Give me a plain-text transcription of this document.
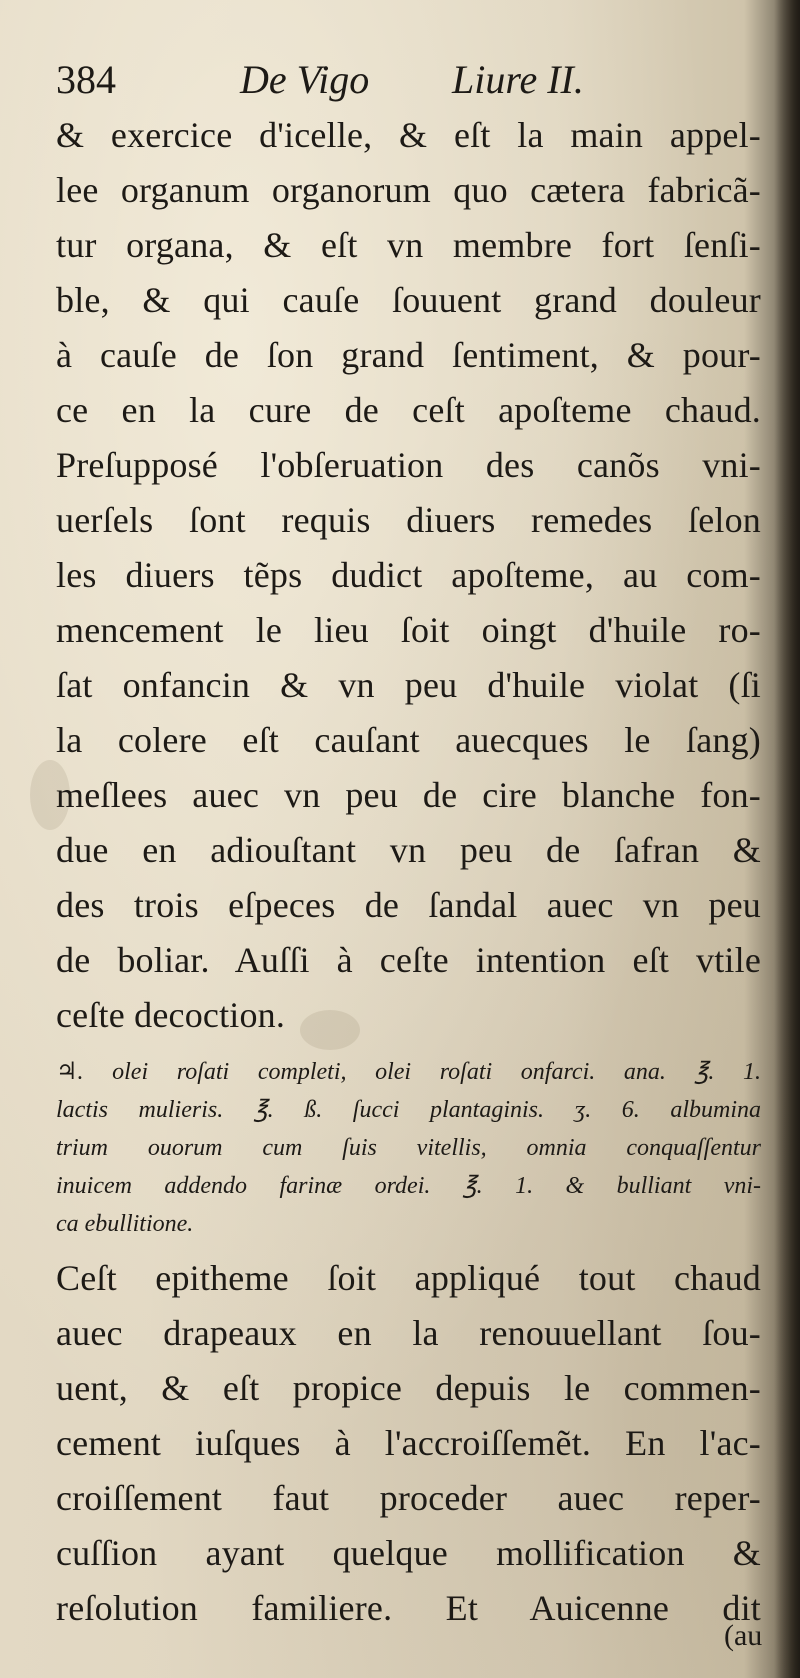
384	De Vigo Liure II.
& exercice d'icelle, & eſt la main appel-
lee organum organorum quo cætera fabricã-
tur organa, & eſt vn membre fort ſenſi-
ble, & qui cauſe ſouuent grand douleur
à cauſe de ſon grand ſentiment, & pour-
ce en la cure de ceſt apoſteme chaud.
Preſupposé l'obſeruation des canõs vni-
uerſels ſont requis diuers remedes ſelon
les diuers tẽps dudict apoſteme, au com-
mencement le lieu ſoit oingt d'huile ro-
ſat onfancin & vn peu d'huile violat (ſi
la colere eſt cauſant auecques le ſang)
meſlees auec vn peu de cire blanche fon-
due en adiouſtant vn peu de ſafran &
des trois eſpeces de ſandal auec vn peu
de boliar. Auſſi à ceſte intention eſt vtile
ceſte decoction.
♃. olei roſati completi, olei roſati onfarci. ana. ℥. 1.
lactis mulieris. ℥. ß. ſucci plantaginis. ʒ. 6. albumina
trium ouorum cum ſuis vitellis, omnia conquaſſentur
inuicem addendo farinæ ordei. ℥. 1. & bulliant vni-
ca ebullitione.
Ceſt epitheme ſoit appliqué tout chaud
auec drapeaux en la renouuellant ſou-
uent, & eſt propice depuis le commen-
cement iuſques à l'accroiſſemẽt. En l'ac-
croiſſement faut proceder auec reper-
cuſſion ayant quelque mollification &
reſolution familiere. Et Auicenne dit
(au
